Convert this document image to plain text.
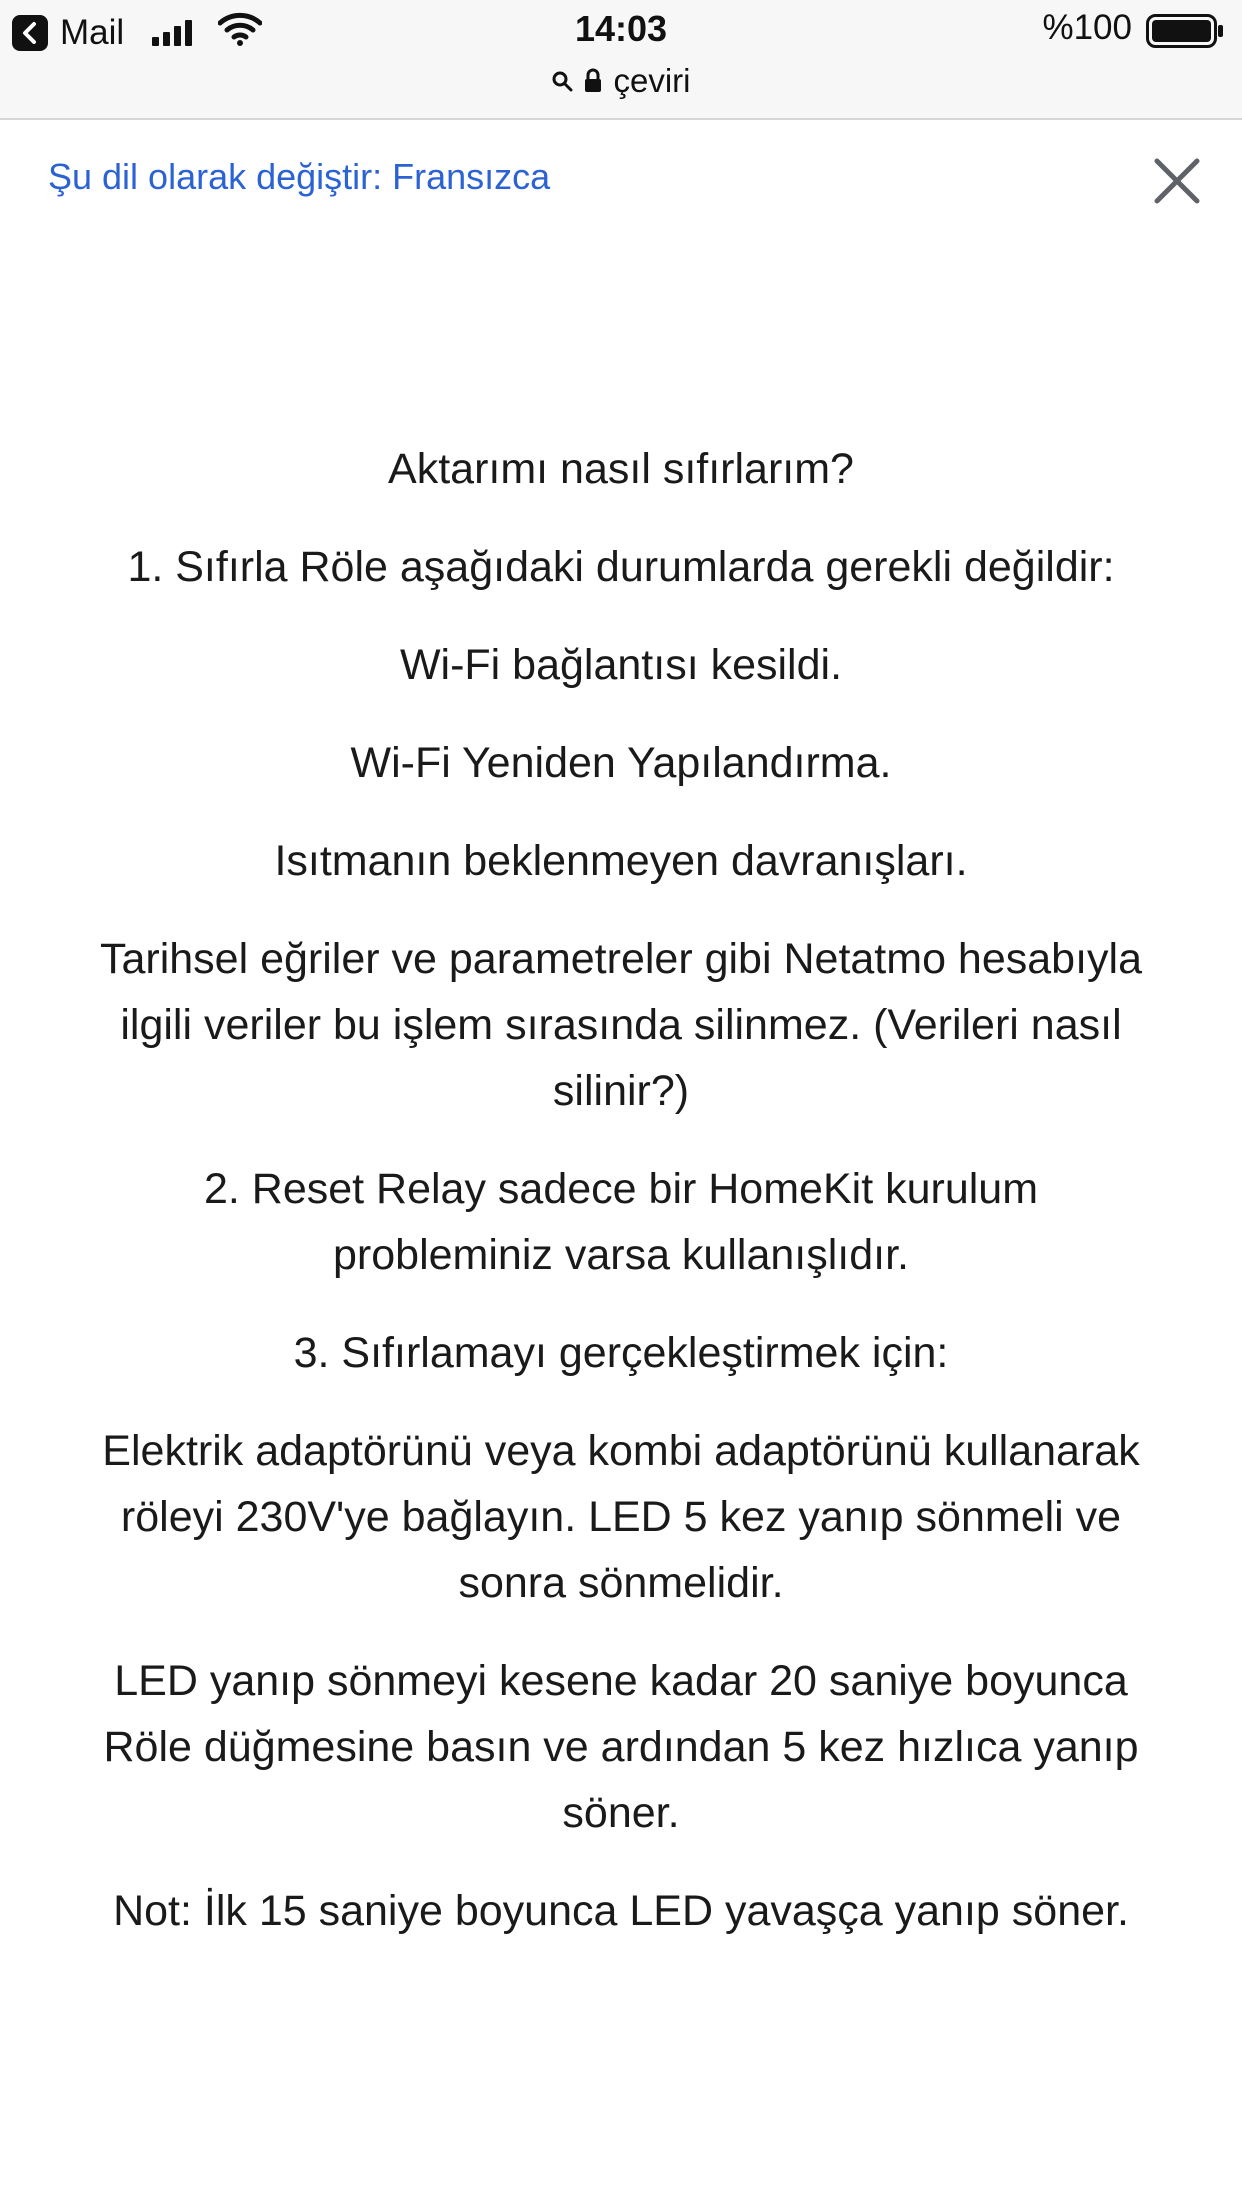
Mail	14:03	%100
çeviri
Şu dil olarak değiştir: Fransızca

Aktarımı nasıl sıfırlarım?

1. Sıfırla Röle aşağıdaki durumlarda gerekli değildir:

Wi-Fi bağlantısı kesildi.

Wi-Fi Yeniden Yapılandırma.

Isıtmanın beklenmeyen davranışları.

Tarihsel eğriler ve parametreler gibi Netatmo hesabıyla ilgili veriler bu işlem sırasında silinmez. (Verileri nasıl silinir?)

2. Reset Relay sadece bir HomeKit kurulum probleminiz varsa kullanışlıdır.

3. Sıfırlamayı gerçekleştirmek için:

Elektrik adaptörünü veya kombi adaptörünü kullanarak röleyi 230V'ye bağlayın. LED 5 kez yanıp sönmeli ve sonra sönmelidir.

LED yanıp sönmeyi kesene kadar 20 saniye boyunca Röle düğmesine basın ve ardından 5 kez hızlıca yanıp söner.

Not: İlk 15 saniye boyunca LED yavaşça yanıp söner.
